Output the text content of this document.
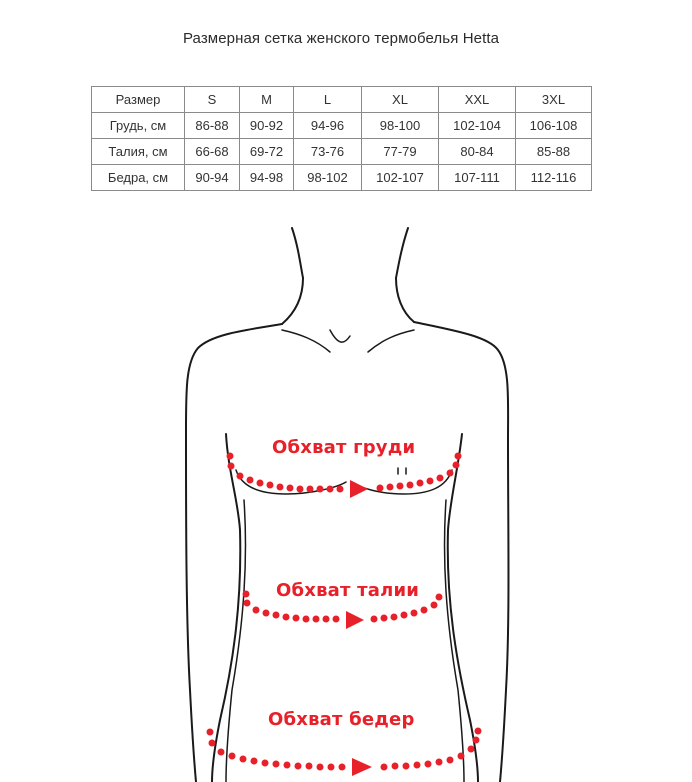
Размерная сетка женского термобелья Hetta
Размер	S	M	L	XL	XXL	3XL
Грудь, см	86-88	90-92	94-96	98-100	102-104	106-108
Талия, см	66-68	69-72	73-76	77-79	80-84	85-88
Бедра, см	90-94	94-98	98-102	102-107	107-111	112-116
Обхват груди
Обхват талии
Обхват бедер
